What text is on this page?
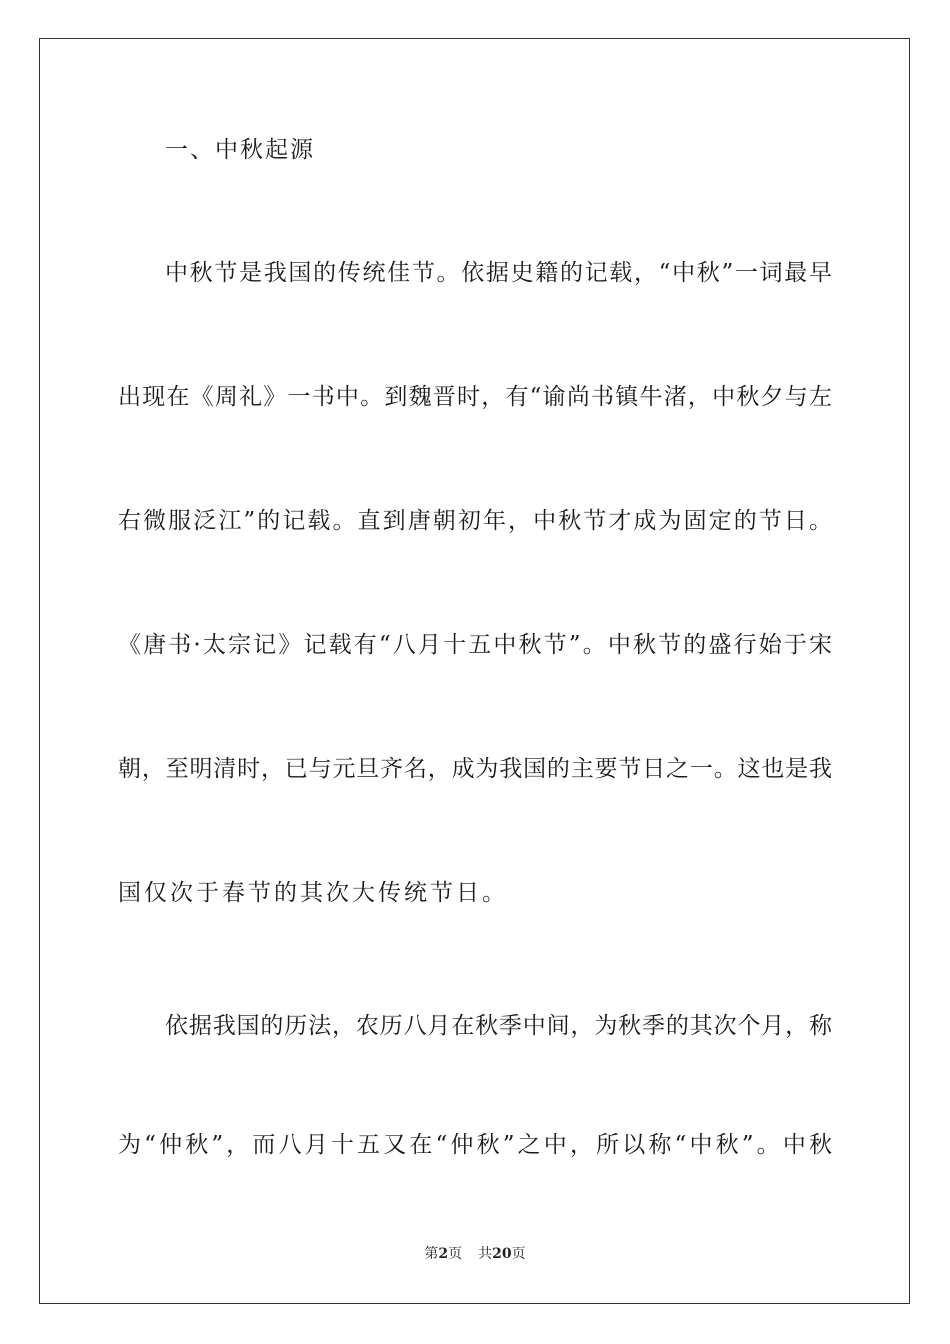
一、中秋起源
中秋节是我国的传统佳节。依据史籍的记载，“中秋”一词最早
出现在《周礼》一书中。到魏晋时，有“谕尚书镇牛渚，中秋夕与左
右微服泛江”的记载。直到唐朝初年，中秋节才成为固定的节日。
《唐书·太宗记》记载有“八月十五中秋节”。中秋节的盛行始于宋
朝，至明清时，已与元旦齐名，成为我国的主要节日之一。这也是我
国仅次于春节的其次大传统节日。
依据我国的历法，农历八月在秋季中间，为秋季的其次个月，称
为“仲秋”，而八月十五又在“仲秋”之中，所以称“中秋”。中秋
第2页 共20页
